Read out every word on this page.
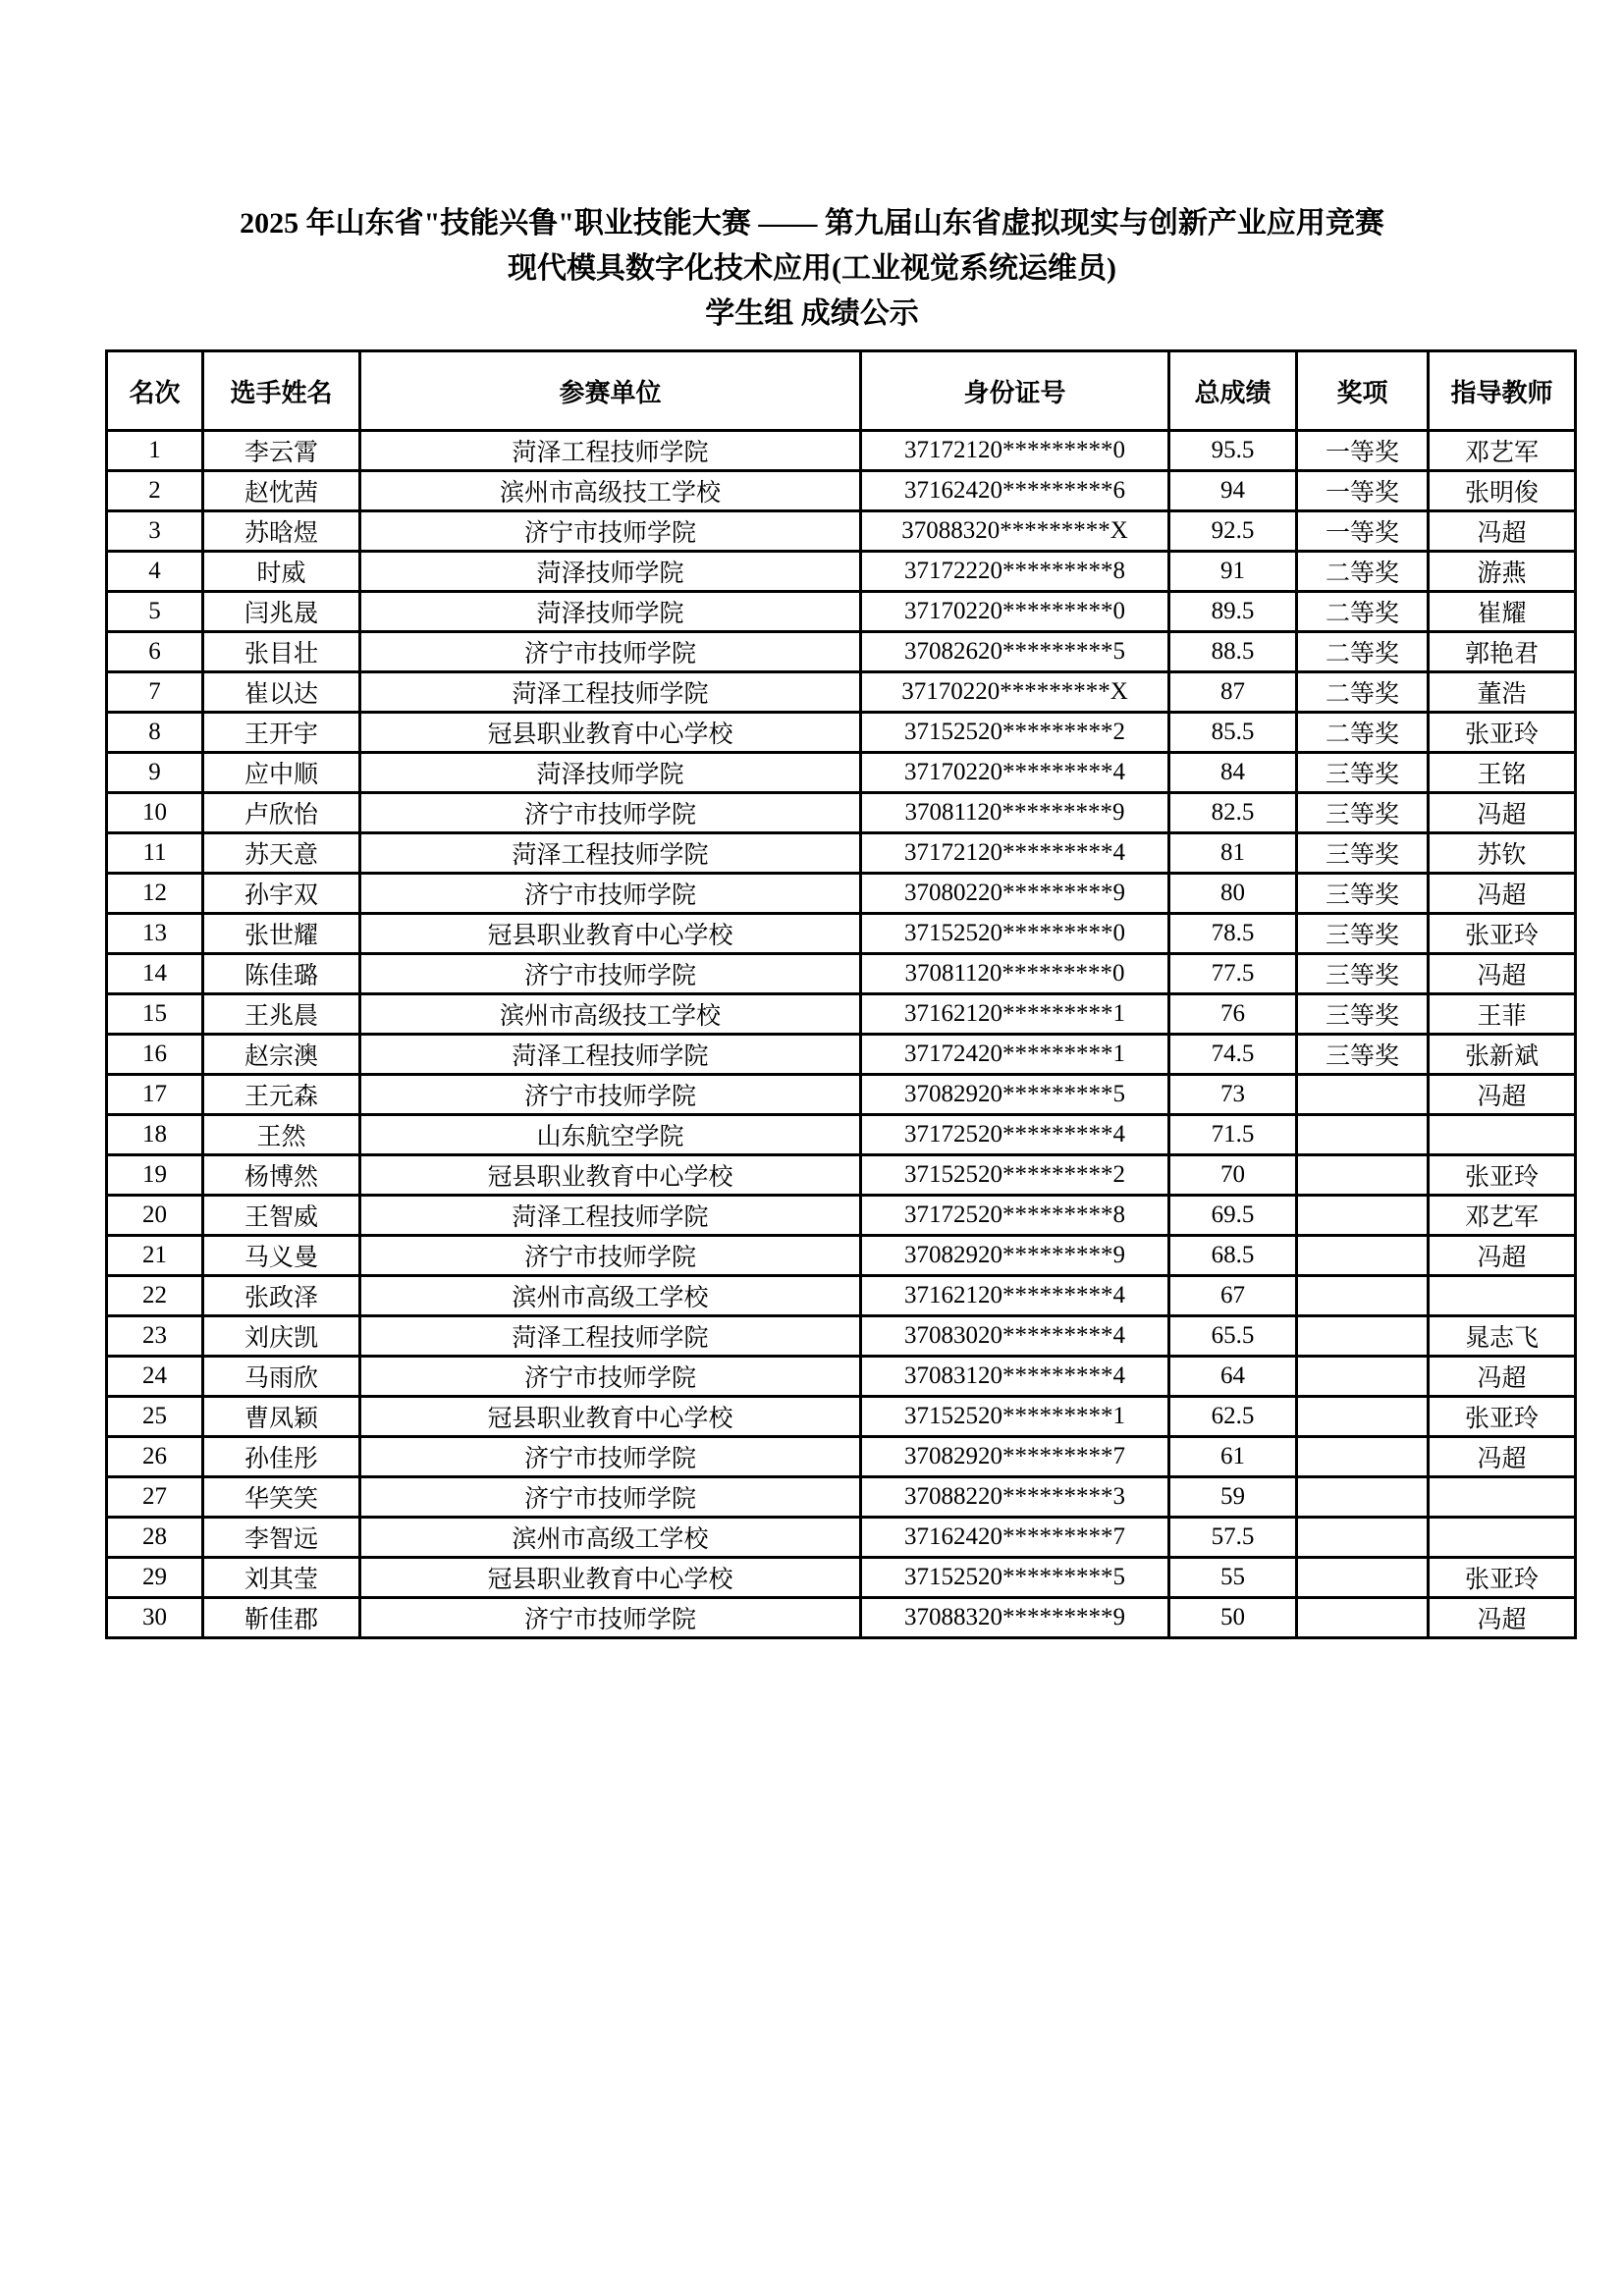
2025 年山东省"技能兴鲁"职业技能大赛 —— 第九届山东省虚拟现实与创新产业应用竞赛
现代模具数字化技术应用(工业视觉系统运维员)
学生组 成绩公示
名次	选手姓名	参赛单位	身份证号	总成绩	奖项	指导教师
1	李云霄	菏泽工程技师学院	37172120*********0	95.5	一等奖	邓艺军
2	赵忱茜	滨州市高级技工学校	37162420*********6	94	一等奖	张明俊
3	苏晗煜	济宁市技师学院	37088320*********X	92.5	一等奖	冯超
4	时威	菏泽技师学院	37172220*********8	91	二等奖	游燕
5	闫兆晟	菏泽技师学院	37170220*********0	89.5	二等奖	崔耀
6	张目壮	济宁市技师学院	37082620*********5	88.5	二等奖	郭艳君
7	崔以达	菏泽工程技师学院	37170220*********X	87	二等奖	董浩
8	王开宇	冠县职业教育中心学校	37152520*********2	85.5	二等奖	张亚玲
9	应中顺	菏泽技师学院	37170220*********4	84	三等奖	王铭
10	卢欣怡	济宁市技师学院	37081120*********9	82.5	三等奖	冯超
11	苏天意	菏泽工程技师学院	37172120*********4	81	三等奖	苏钦
12	孙宇双	济宁市技师学院	37080220*********9	80	三等奖	冯超
13	张世耀	冠县职业教育中心学校	37152520*********0	78.5	三等奖	张亚玲
14	陈佳璐	济宁市技师学院	37081120*********0	77.5	三等奖	冯超
15	王兆晨	滨州市高级技工学校	37162120*********1	76	三等奖	王菲
16	赵宗澳	菏泽工程技师学院	37172420*********1	74.5	三等奖	张新斌
17	王元森	济宁市技师学院	37082920*********5	73		冯超
18	王然	山东航空学院	37172520*********4	71.5		
19	杨博然	冠县职业教育中心学校	37152520*********2	70		张亚玲
20	王智威	菏泽工程技师学院	37172520*********8	69.5		邓艺军
21	马义曼	济宁市技师学院	37082920*********9	68.5		冯超
22	张政泽	滨州市高级工学校	37162120*********4	67		
23	刘庆凯	菏泽工程技师学院	37083020*********4	65.5		晁志飞
24	马雨欣	济宁市技师学院	37083120*********4	64		冯超
25	曹凤颖	冠县职业教育中心学校	37152520*********1	62.5		张亚玲
26	孙佳彤	济宁市技师学院	37082920*********7	61		冯超
27	华笑笑	济宁市技师学院	37088220*********3	59		
28	李智远	滨州市高级工学校	37162420*********7	57.5		
29	刘其莹	冠县职业教育中心学校	37152520*********5	55		张亚玲
30	靳佳郡	济宁市技师学院	37088320*********9	50		冯超
